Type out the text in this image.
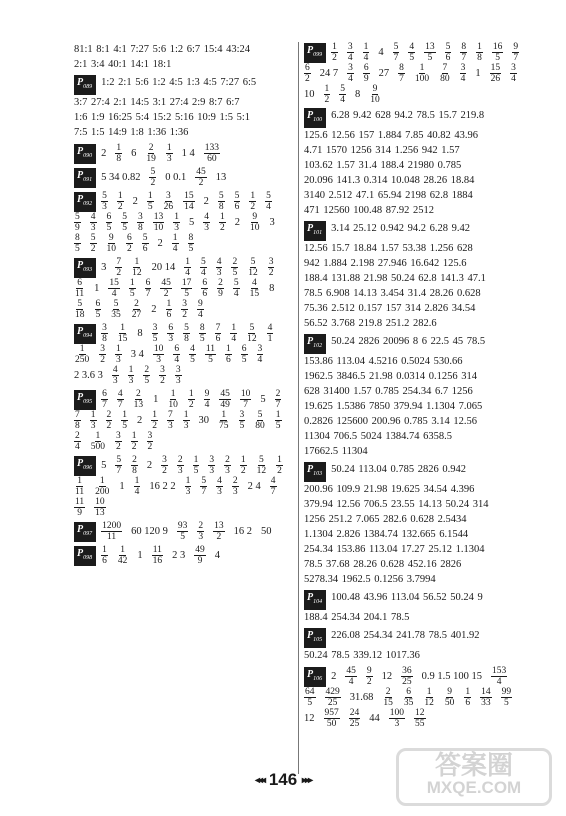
81:1 8:1 4:1 7:27 5:6 1:2 6:7 15:4 43:24
2:1 3:4 40:1 14:1 18:1
$P_{089}$ 1:2 2:1 5:6 1:2 4:5 1:3 4:5 7:27 6:5
3:7 27:4 2:1 14:5 3:1 27:4 2:9 8:7 6:7
1:6 1:9 16:25 5:4 15:2 5:16 10:9 1:5 5:1
7:5 1:5 14:9 1:8 1:36 1:36
$P_{090}$ $2 \frac{1}{8} 6 \frac{2}{19} \frac{1}{3} 1$ $4 \frac{133}{60}$
$P_{091}$ 5 34 $0.82 \frac{5}{2} 0$ $0.1 \frac{45}{2} 13$
$P_{092} \frac{5}{3} \frac{1}{2} 2 \frac{1}{5} \frac{3}{26} \frac{15}{14} 2 \frac{5}{8} \frac{5}{6} \frac{1}{2} \frac{5}{4}$
$\frac{5}{9} \frac{4}{3} \frac{6}{5} \frac{5}{5} \frac{3}{8} \frac{13}{10} \frac{1}{3} 5 \frac{4}{3} \frac{1}{2} 2 \frac{9}{10} 3$
$\frac{8}{5} \frac{5}{2} \frac{9}{10} \frac{6}{2} \frac{5}{6} 2 \frac{1}{4} \frac{8}{5}$
$P_{093}$ $3 \frac{7}{2} \frac{1}{12} 20$ $14 \frac{1}{4} \frac{5}{4} \frac{4}{3} \frac{2}{5} \frac{5}{12} \frac{3}{2}$
$\frac{6}{11} 1 \frac{15}{4} \frac{1}{5} \frac{6}{7} \frac{45}{2} \frac{17}{5} \frac{6}{6} \frac{2}{9} \frac{5}{4} \frac{4}{15} 8$
$\frac{5}{18} \frac{6}{5} \frac{5}{35} \frac{2}{27} 2 \frac{1}{6} \frac{3}{2} \frac{9}{4}$
$P_{094} \frac{3}{8} \frac{1}{15} 8 \frac{3}{5} \frac{6}{3} \frac{5}{8} \frac{8}{5} \frac{7}{6} \frac{1}{4} \frac{5}{12} \frac{4}{1}$
$\frac{1}{250} \frac{3}{2} \frac{1}{3} 3$ $4 \frac{10}{3} \frac{6}{4} \frac{4}{5} \frac{11}{5} \frac{1}{6} \frac{6}{5} \frac{3}{4}$
2 3.6 $3 \frac{4}{3} \frac{1}{3} \frac{2}{5} \frac{3}{2} \frac{3}{3}$
$P_{095} \frac{6}{7} \frac{4}{7} \frac{2}{13} 1 \frac{1}{10} \frac{1}{2} \frac{9}{4} \frac{45}{49} \frac{10}{7} 5 \frac{2}{7}$
$\frac{7}{8} \frac{1}{3} \frac{2}{2} \frac{1}{5} 2 \frac{1}{2} \frac{7}{3} \frac{1}{3} 30 \frac{1}{75} \frac{3}{5} \frac{5}{80} \frac{1}{5}$
$\frac{2}{4} \frac{1}{500} \frac{3}{2} \frac{1}{2} \frac{3}{2}$
$P_{096}$ $5 \frac{5}{7} \frac{2}{8} 2 \frac{3}{2} \frac{2}{3} \frac{1}{5} \frac{3}{3} \frac{2}{3} \frac{1}{2} \frac{5}{12} \frac{1}{2}$
$\frac{1}{11} \frac{1}{200} 1 \frac{1}{4} 16$ 2 $2 \frac{1}{3} \frac{5}{7} \frac{4}{3} \frac{2}{3} 2$ $4 \frac{4}{7}$
$\frac{11}{9} \frac{10}{13}$
$P_{097} \frac{1200}{11} 60$ 120 $9 \frac{93}{5} \frac{2}{3} \frac{13}{2} 16$ 2 50
$P_{098} \frac{1}{6} \frac{1}{42} 1 \frac{11}{16} 2$ $3 \frac{49}{9} 4$
$P_{099} \frac{1}{2} \frac{3}{4} \frac{1}{4} 4 \frac{5}{7} \frac{4}{5} \frac{13}{5} \frac{5}{6} \frac{8}{7} \frac{1}{8} \frac{16}{5} \frac{9}{7}$
$\frac{6}{2} 24$ $7 \frac{3}{4} \frac{6}{9} 27 \frac{8}{7} \frac{1}{100} \frac{7}{80} \frac{3}{4} 1 \frac{15}{26} \frac{3}{4}$
$10 \frac{1}{2} \frac{5}{4} 8 \frac{9}{10}$
$P_{100}$ 6.28 9.42 628 94.2 78.5 15.7 219.8
125.6 12.56 157 1.884 7.85 40.82 43.96
4.71 1570 1256 314 1.256 942 1.57
103.62 1.57 31.4 188.4 21980 0.785
20.096 141.3 0.314 10.048 28.26 18.84
3140 2.512 47.1 65.94 2198 62.8 1884
471 12560 100.48 87.92 2512
$P_{101}$ 3.14 25.12 0.942 94.2 6.28 9.42
12.56 15.7 18.84 1.57 53.38 1.256 628
942 1.884 2.198 27.946 16.642 125.6
188.4 131.88 21.98 50.24 62.8 141.3 47.1
78.5 6.908 14.13 3.454 31.4 28.26 0.628
75.36 2.512 0.157 157 314 2.826 34.54
56.52 3.768 219.8 251.2 282.6
$P_{102}$ 50.24 2826 20096 8 6 22.5 45 78.5
153.86 113.04 4.5216 0.5024 530.66
1962.5 3846.5 21.98 0.0314 0.1256 314
628 31400 1.57 0.785 254.34 6.7 1256
19.625 1.5386 7850 379.94 1.1304 7.065
0.2826 125600 200.96 0.785 3.14 12.56
11304 706.5 5024 1384.74 6358.5
17662.5 11304
$P_{103}$ 50.24 113.04 0.785 2826 0.942
200.96 109.9 21.98 19.625 34.54 4.396
379.94 12.56 706.5 23.55 14.13 50.24 314
1256 251.2 7.065 282.6 0.628 2.5434
1.1304 2.826 1384.74 132.665 6.1544
254.34 153.86 113.04 17.27 25.12 1.1304
78.5 37.68 28.26 0.628 452.16 2826
5278.34 1962.5 0.1256 3.7994
$P_{104}$ 100.48 43.96 113.04 56.52 50.24 9
188.4 254.34 204.1 78.5
$P_{105}$ 226.08 254.34 241.78 78.5 401.92
50.24 78.5 339.12 1017.36
$P_{106}$ $2 \frac{45}{4} \frac{9}{2} 12 \frac{36}{25} 0.9$ 1.5 100 $15 \frac{153}{4}$
$\frac{64}{5} \frac{429}{25} 31.68 \frac{2}{15} \frac{6}{35} \frac{1}{12} \frac{9}{50} \frac{1}{6} \frac{14}{33} \frac{99}{5}$
$12 \frac{957}{50} \frac{24}{25} 44 \frac{100}{3} \frac{12}{55}$
◂◂◂ 146 ▸▸▸
答案圈
MXQE.COM
